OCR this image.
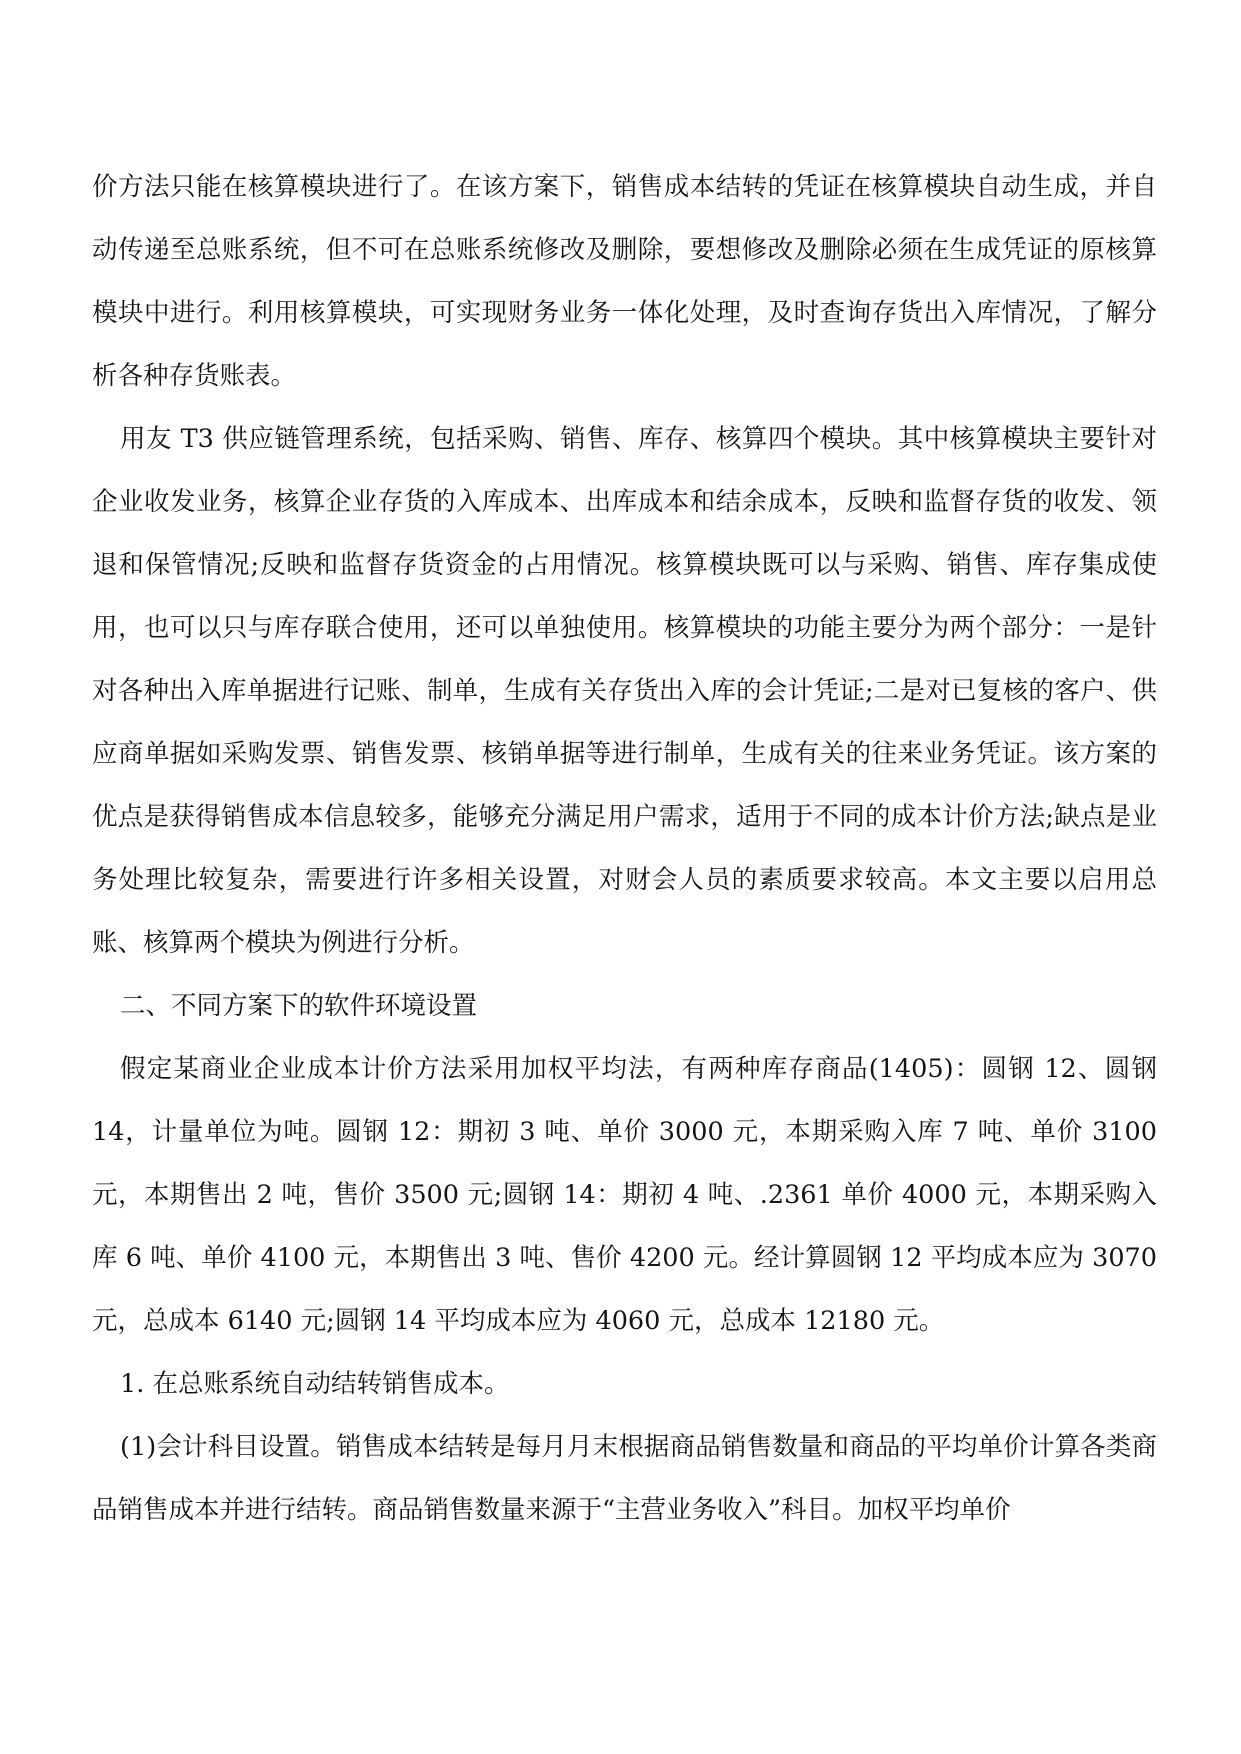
价方法只能在核算模块进行了。在该方案下，销售成本结转的凭证在核算模块自动生成，并自动传递至总账系统，但不可在总账系统修改及删除，要想修改及删除必须在生成凭证的原核算模块中进行。利用核算模块，可实现财务业务一体化处理，及时查询存货出入库情况，了解分析各种存货账表。

用友 T3 供应链管理系统，包括采购、销售、库存、核算四个模块。其中核算模块主要针对企业收发业务，核算企业存货的入库成本、出库成本和结余成本，反映和监督存货的收发、领退和保管情况;反映和监督存货资金的占用情况。核算模块既可以与采购、销售、库存集成使用，也可以只与库存联合使用，还可以单独使用。核算模块的功能主要分为两个部分：一是针对各种出入库单据进行记账、制单，生成有关存货出入库的会计凭证;二是对已复核的客户、供应商单据如采购发票、销售发票、核销单据等进行制单，生成有关的往来业务凭证。该方案的优点是获得销售成本信息较多，能够充分满足用户需求，适用于不同的成本计价方法;缺点是业务处理比较复杂，需要进行许多相关设置，对财会人员的素质要求较高。本文主要以启用总账、核算两个模块为例进行分析。

二、不同方案下的软件环境设置

假定某商业企业成本计价方法采用加权平均法，有两种库存商品(1405)：圆钢 12、圆钢 14，计量单位为吨。圆钢 12：期初 3 吨、单价 3000 元，本期采购入库 7 吨、单价 3100 元，本期售出 2 吨，售价 3500 元;圆钢 14：期初 4 吨、.2361 单价 4000 元，本期采购入库 6 吨、单价 4100 元，本期售出 3 吨、售价 4200 元。经计算圆钢 12 平均成本应为 3070 元，总成本 6140 元;圆钢 14 平均成本应为 4060 元，总成本 12180 元。

1. 在总账系统自动结转销售成本。

(1)会计科目设置。销售成本结转是每月月末根据商品销售数量和商品的平均单价计算各类商品销售成本并进行结转。商品销售数量来源于“主营业务收入”科目。加权平均单价
